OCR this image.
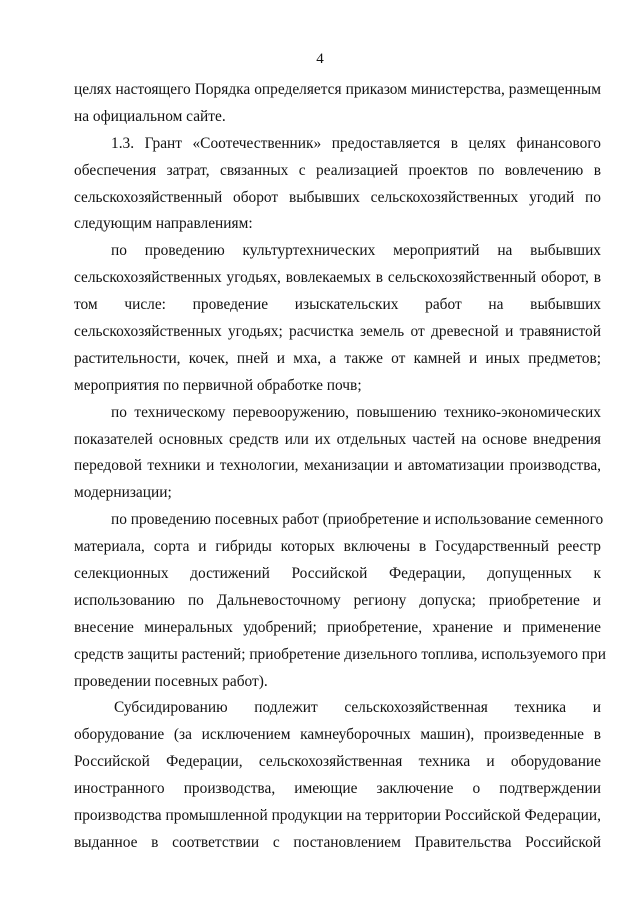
4
целях настоящего Порядка определяется приказом министерства, размещенным
на официальном сайте.
1.3. Грант «Соотечественник» предоставляется в целях финансового
обеспечения затрат, связанных с реализацией проектов по вовлечению в
сельскохозяйственный оборот выбывших сельскохозяйственных угодий по
следующим направлениям:
по проведению культуртехнических мероприятий на выбывших
сельскохозяйственных угодьях, вовлекаемых в сельскохозяйственный оборот, в
том числе: проведение изыскательских работ на выбывших
сельскохозяйственных угодьях; расчистка земель от древесной и травянистой
растительности, кочек, пней и мха, а также от камней и иных предметов;
мероприятия по первичной обработке почв;
по техническому перевооружению, повышению технико-экономических
показателей основных средств или их отдельных частей на основе внедрения
передовой техники и технологии, механизации и автоматизации производства,
модернизации;
по проведению посевных работ (приобретение и использование семенного
материала, сорта и гибриды которых включены в Государственный реестр
селекционных достижений Российской Федерации, допущенных к
использованию по Дальневосточному региону допуска; приобретение и
внесение минеральных удобрений; приобретение, хранение и применение
средств защиты растений; приобретение дизельного топлива, используемого при
проведении посевных работ).
Субсидированию подлежит сельскохозяйственная техника и
оборудование (за исключением камнеуборочных машин), произведенные в
Российской Федерации, сельскохозяйственная техника и оборудование
иностранного производства, имеющие заключение о подтверждении
производства промышленной продукции на территории Российской Федерации,
выданное в соответствии с постановлением Правительства Российской
